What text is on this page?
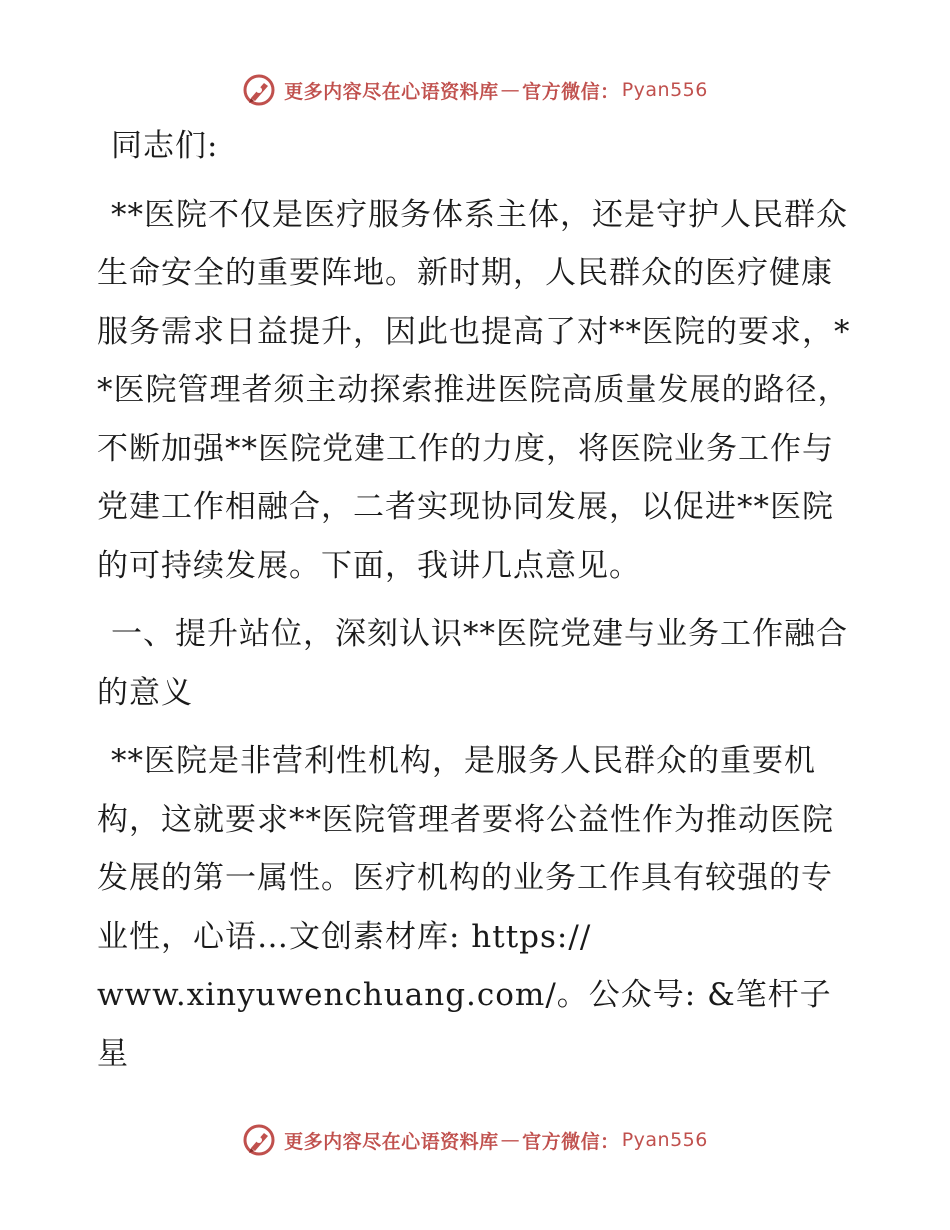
更多内容尽在心语资料库 — 官方微信： Pyan556

同志们:

**医院不仅是医疗服务体系主体，还是守护人民群众生命安全的重要阵地。新时期，人民群众的医疗健康服务需求日益提升，因此也提高了对**医院的要求，**医院管理者须主动探索推进医院高质量发展的路径，不断加强**医院党建工作的力度，将医院业务工作与党建工作相融合，二者实现协同发展，以促进**医院的可持续发展。下面，我讲几点意见。

一、提升站位，深刻认识**医院党建与业务工作融合的意义

**医院是非营利性机构，是服务人民群众的重要机构，这就要求**医院管理者要将公益性作为推动医院发展的第一属性。医疗机构的业务工作具有较强的专业性，心语…文创素材库: https://

www.xinyuwenchuang.com/。公众号: &笔杆子星

更多内容尽在心语资料库 — 官方微信： Pyan556
